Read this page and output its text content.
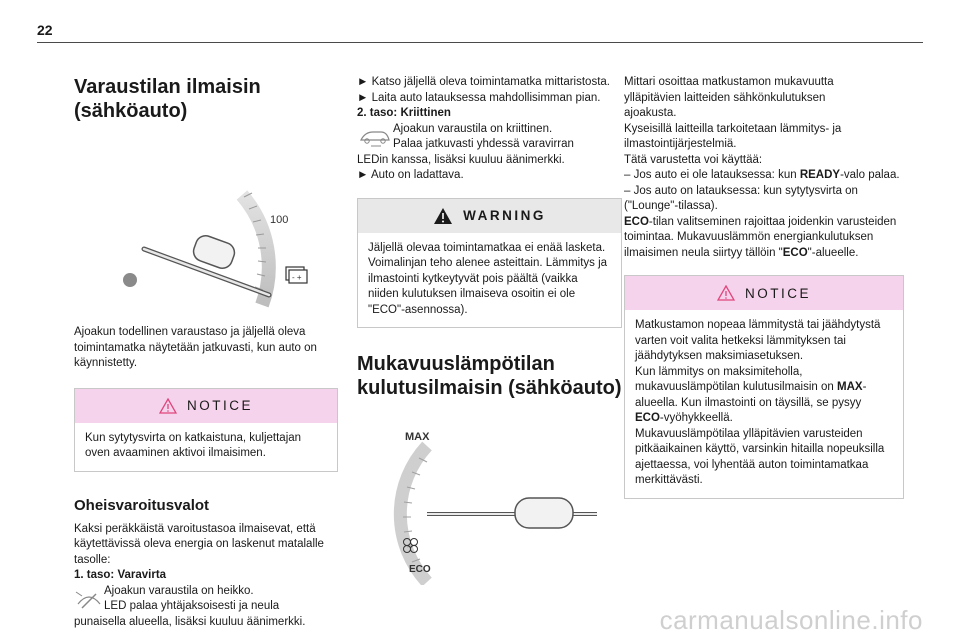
22
Varaustilan ilmaisin
(sähköauto)
100
- +

Ajoakun todellinen varaustaso ja jäljellä oleva toimintamatka näytetään jatkuvasti, kun auto on käynnistetty.

NOTICE
Kun sytytysvirta on katkaistuna, kuljettajan oven avaaminen aktivoi ilmaisimen.
Oheisvaroitusvalot

Kaksi peräkkäistä varoitustasoa ilmaisevat, että käytettävissä oleva energia on laskenut matalalle tasolle:

1. taso: Varavirta

Ajoakun varaustila on heikko.

LED palaa yhtäjaksoisesti ja neula

punaisella alueella, lisäksi kuuluu äänimerkki.

► Katso jäljellä oleva toimintamatka mittaristosta.

► Laita auto latauksessa mahdollisimman pian.

2. taso: Kriittinen

Ajoakun varaustila on kriittinen.

Palaa jatkuvasti yhdessä varavirran

LEDin kanssa, lisäksi kuuluu äänimerkki.

► Auto on ladattava.

WARNING
Jäljellä olevaa toimintamatkaa ei enää lasketa. Voimalinjan teho alenee asteittain. Lämmitys ja ilmastointi kytkeytyvät pois päältä (vaikka niiden kulutuksen ilmaiseva osoitin ei ole "ECO"-asennossa).
Mukavuuslämpötilan
kulutusilmaisin (sähköauto)
MAX
ECO

Mittari osoittaa matkustamon mukavuutta

ylläpitävien laitteiden sähkönkulutuksen

ajoakusta.

Kyseisillä laitteilla tarkoitetaan lämmitys- ja

ilmastointijärjestelmiä.

Tätä varustetta voi käyttää:

– Jos auto ei ole latauksessa: kun READY-valo palaa.

– Jos auto on latauksessa: kun sytytysvirta on ("Lounge"-tilassa).

ECO-tilan valitseminen rajoittaa joidenkin varusteiden toimintaa. Mukavuuslämmön energiankulutuksen ilmaisimen neula siirtyy tällöin "ECO"-alueelle.

NOTICE
Matkustamon nopeaa lämmitystä tai jäähdytystä varten voit valita hetkeksi lämmityksen tai jäähdytyksen maksimiasetuksen.
Kun lämmitys on maksimiteholla, mukavuuslämpötilan kulutusilmaisin on MAX-alueella. Kun ilmastointi on täysillä, se pysyy ECO-vyöhykkeellä.
Mukavuuslämpötilaa ylläpitävien varusteiden pitkäaikainen käyttö, varsinkin hitailla nopeuksilla ajettaessa, voi lyhentää auton toimintamatkaa merkittävästi.
carmanualsonline.info
